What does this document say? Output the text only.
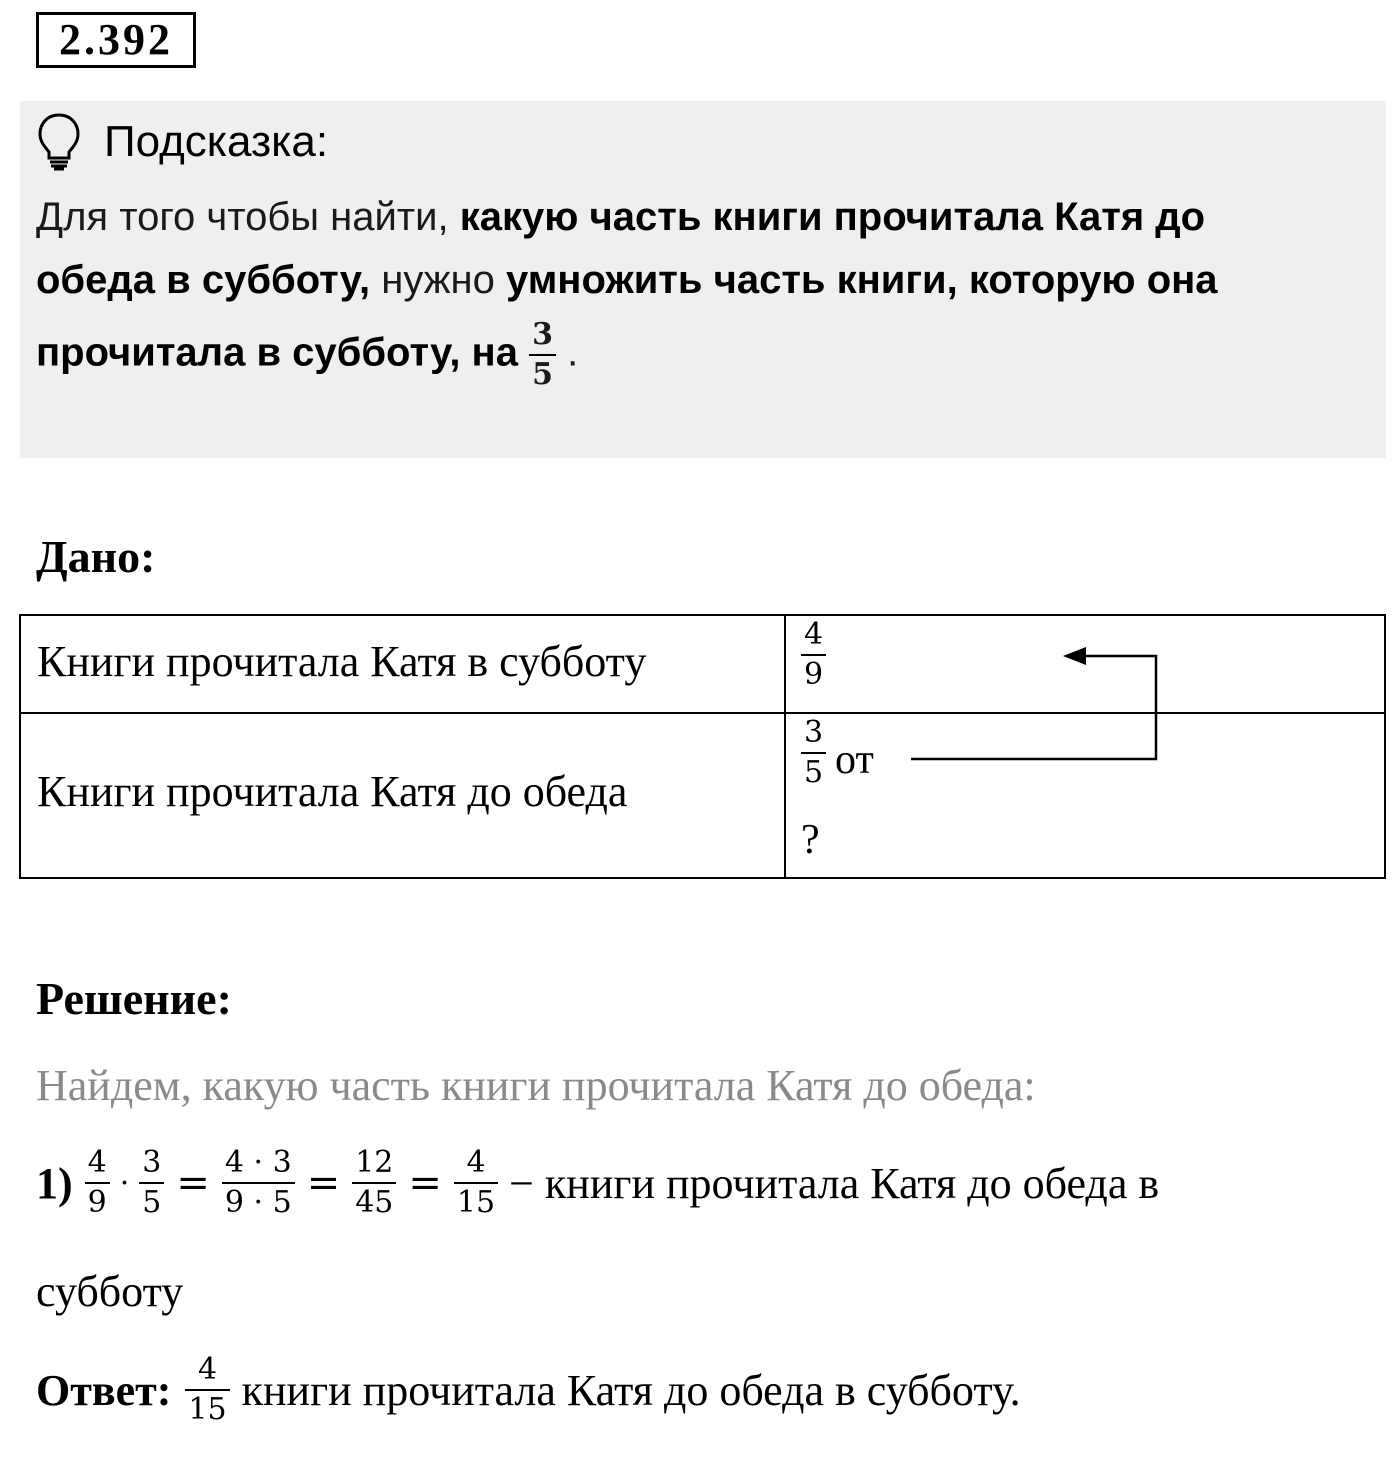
2.392
Подсказка:
Для того чтобы найти, какую часть книги прочитала Катя до
обеда в субботу, нужно умножить часть книги, которую она
прочитала в субботу, на $\frac{3}{5}$ .
Дано:
Книги прочитала Катя в субботу
Книги прочитала Катя до обеда
4
9
3
5 от
?
Решение:
Найдем, какую часть книги прочитала Катя до обеда:
$1) \frac{4}{9} \cdot \frac{3}{5} = \frac{4 \cdot 3}{9 \cdot 5} = \frac{12}{45} = \frac{4}{15}$ − книги прочитала Катя до обеда в
субботу
Ответ: $\frac{4}{15}$ книги прочитала Катя до обеда в субботу.
